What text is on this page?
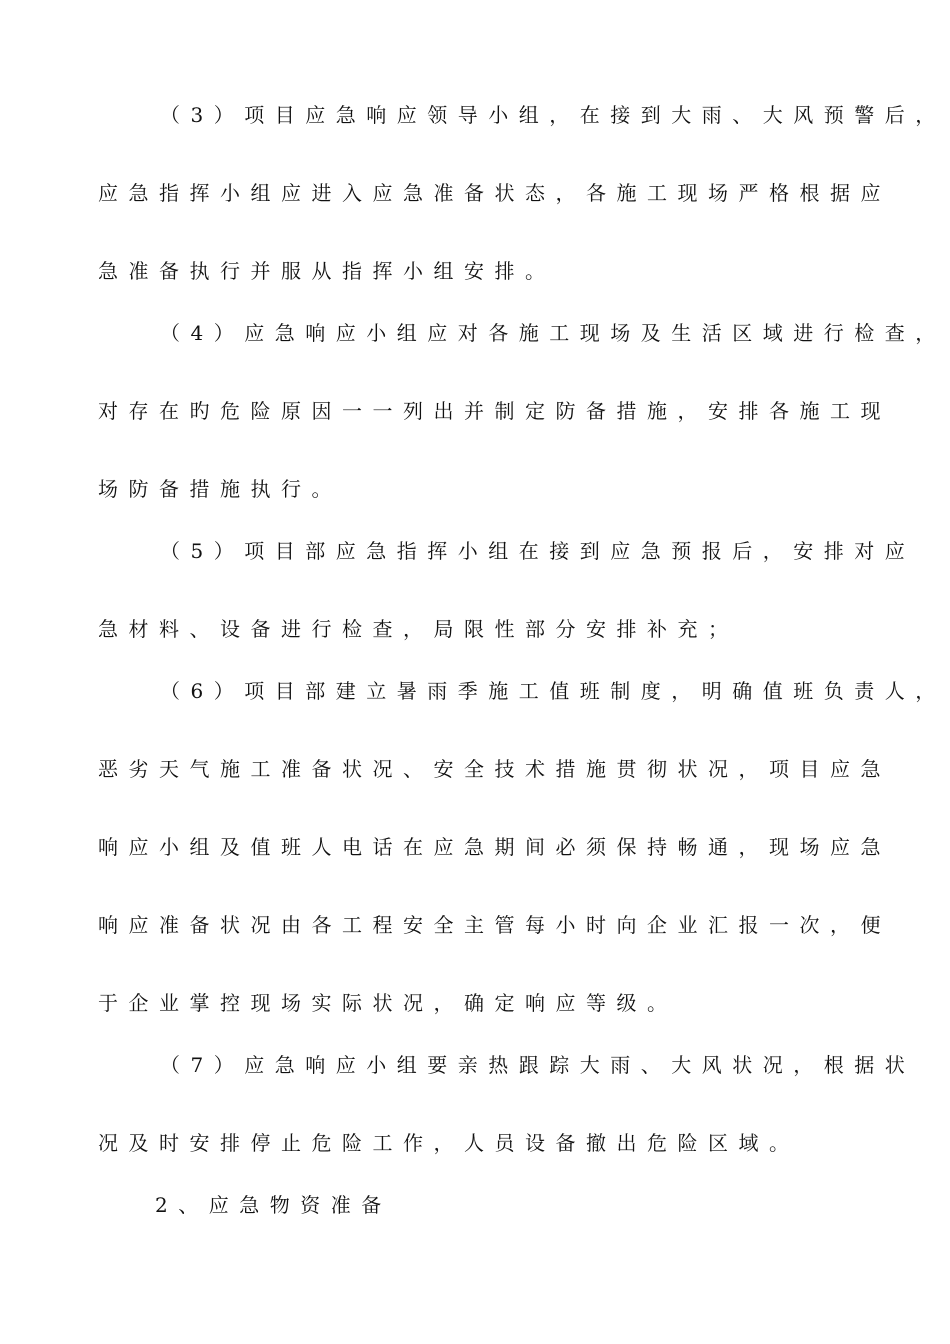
（3）项目应急响应领导小组，在接到大雨、大风预警后，
应急指挥小组应进入应急准备状态，各施工现场严格根据应
急准备执行并服从指挥小组安排。
（4）应急响应小组应对各施工现场及生活区域进行检查，
对存在旳危险原因一一列出并制定防备措施，安排各施工现
场防备措施执行。
（5）项目部应急指挥小组在接到应急预报后，安排对应
急材料、设备进行检查，局限性部分安排补充；
（6）项目部建立暑雨季施工值班制度，明确值班负责人，
恶劣天气施工准备状况、安全技术措施贯彻状况，项目应急
响应小组及值班人电话在应急期间必须保持畅通，现场应急
响应准备状况由各工程安全主管每小时向企业汇报一次，便
于企业掌控现场实际状况，确定响应等级。
（7）应急响应小组要亲热跟踪大雨、大风状况，根据状
况及时安排停止危险工作，人员设备撤出危险区域。
2、应急物资准备
